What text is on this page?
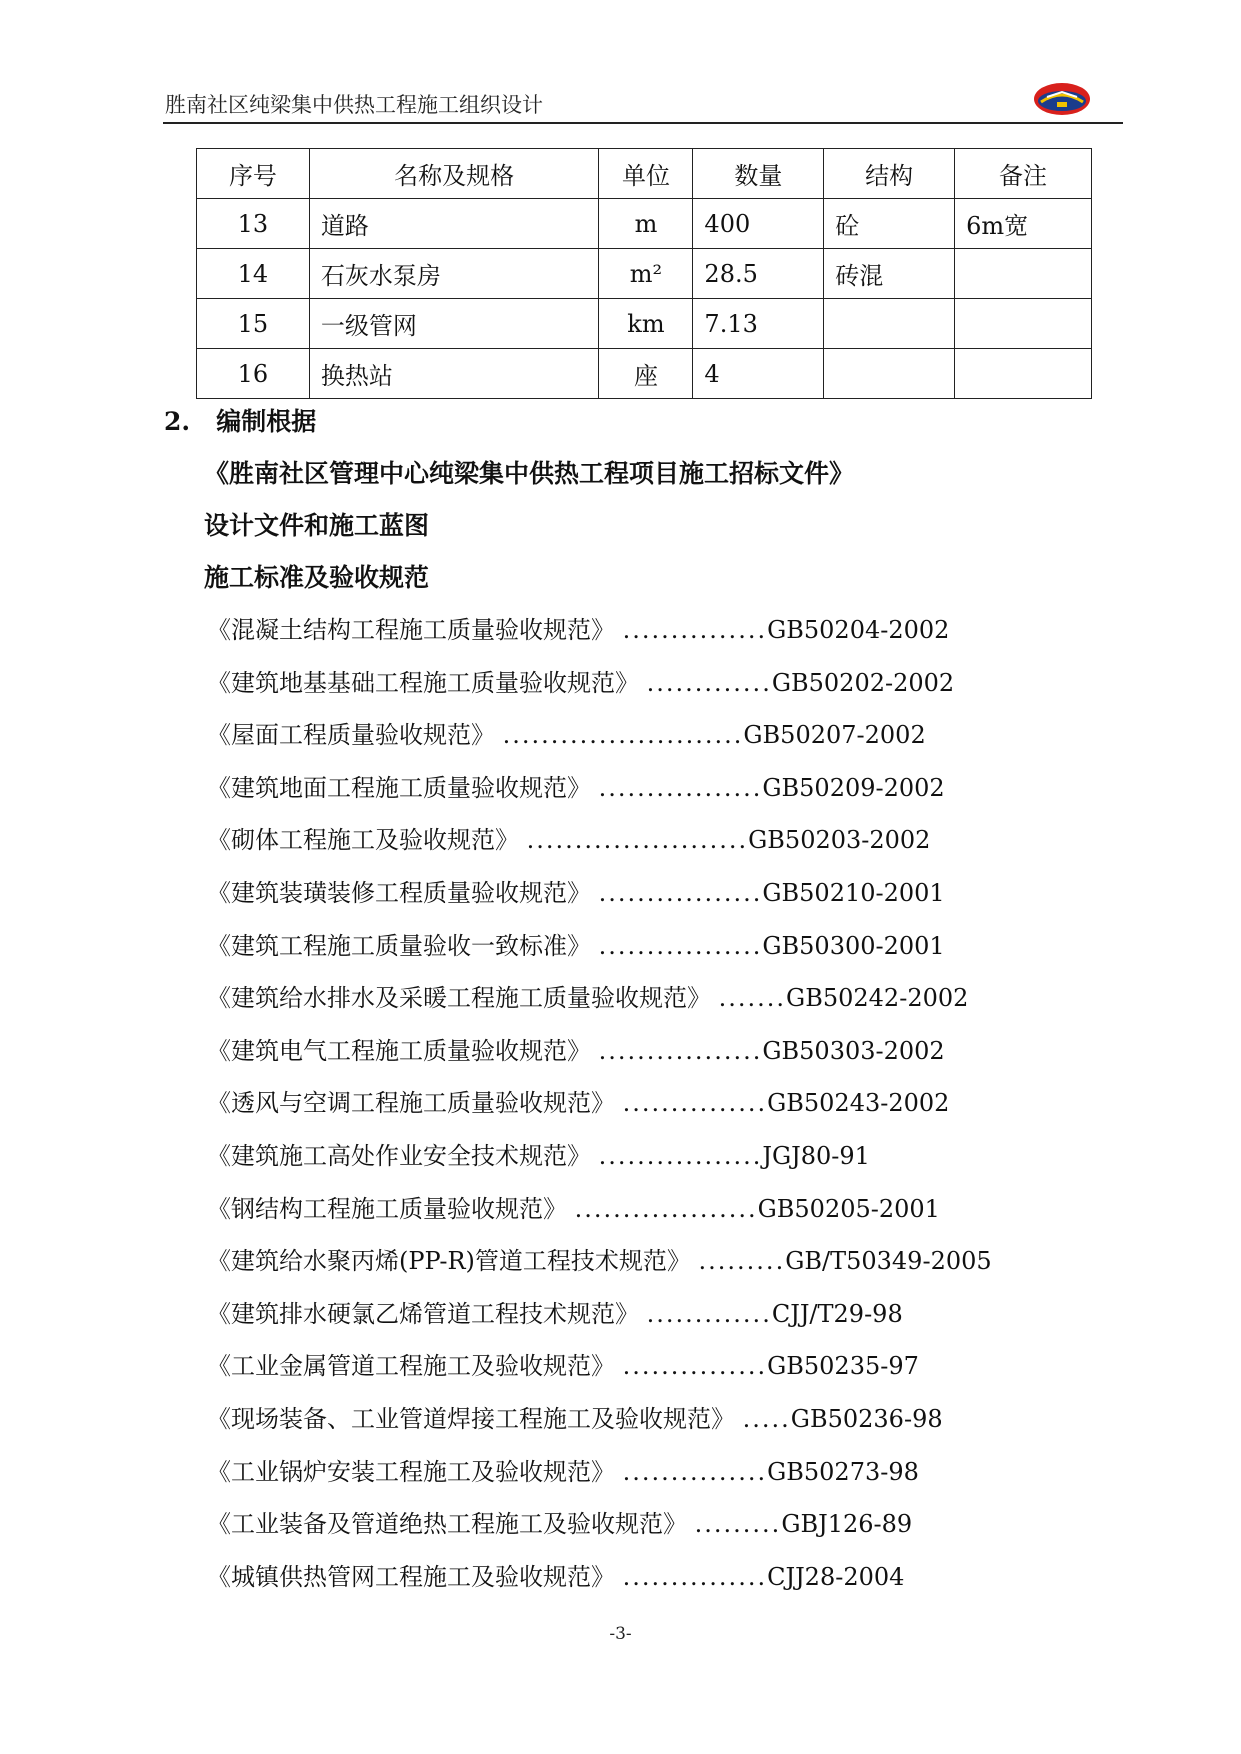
胜南社区纯梁集中供热工程施工组织设计
序号	名称及规格	单位	数量	结构	备注
13	道路	m	400	砼	6m宽
14	石灰水泵房	m²	28.5	砖混	
15	一级管网	km	7.13		
16	换热站	座	4		
2. 编制根据
《胜南社区管理中心纯梁集中供热工程项目施工招标文件》
设计文件和施工蓝图
施工标准及验收规范
《混凝土结构工程施工质量验收规范》 ...............GB50204-2002
《建筑地基基础工程施工质量验收规范》 .............GB50202-2002
《屋面工程质量验收规范》 .........................GB50207-2002
《建筑地面工程施工质量验收规范》 .................GB50209-2002
《砌体工程施工及验收规范》 .......................GB50203-2002
《建筑装璜装修工程质量验收规范》 .................GB50210-2001
《建筑工程施工质量验收一致标准》 .................GB50300-2001
《建筑给水排水及采暖工程施工质量验收规范》 .......GB50242-2002
《建筑电气工程施工质量验收规范》 .................GB50303-2002
《透风与空调工程施工质量验收规范》 ...............GB50243-2002
《建筑施工高处作业安全技术规范》 .................JGJ80-91
《钢结构工程施工质量验收规范》 ...................GB50205-2001
《建筑给水聚丙烯(PP-R)管道工程技术规范》 .........GB/T50349-2005
《建筑排水硬氯乙烯管道工程技术规范》 .............CJJ/T29-98
《工业金属管道工程施工及验收规范》 ...............GB50235-97
《现场装备、工业管道焊接工程施工及验收规范》 .....GB50236-98
《工业锅炉安装工程施工及验收规范》 ...............GB50273-98
《工业装备及管道绝热工程施工及验收规范》 .........GBJ126-89
《城镇供热管网工程施工及验收规范》 ...............CJJ28-2004
-3-
